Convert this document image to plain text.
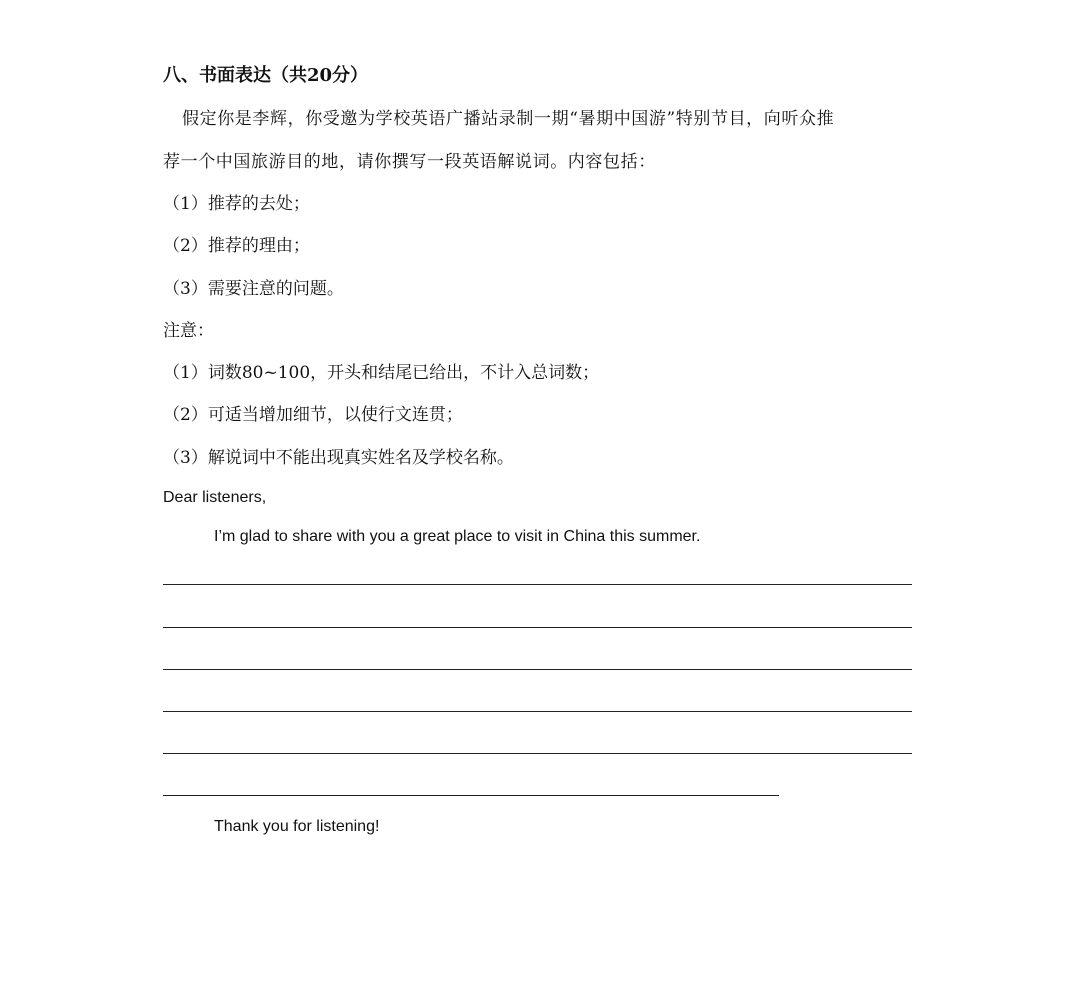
八、书面表达（共20分）
假定你是李辉，你受邀为学校英语广播站录制一期“暑期中国游”特别节目，向听众推
荐一个中国旅游目的地，请你撰写一段英语解说词。内容包括：
（1）推荐的去处；
（2）推荐的理由；
（3）需要注意的问题。
注意：
（1）词数80~100，开头和结尾已给出，不计入总词数；
（2）可适当增加细节，以使行文连贯；
（3）解说词中不能出现真实姓名及学校名称。
Dear listeners,
I’m glad to share with you a great place to visit in China this summer.
Thank you for listening!
